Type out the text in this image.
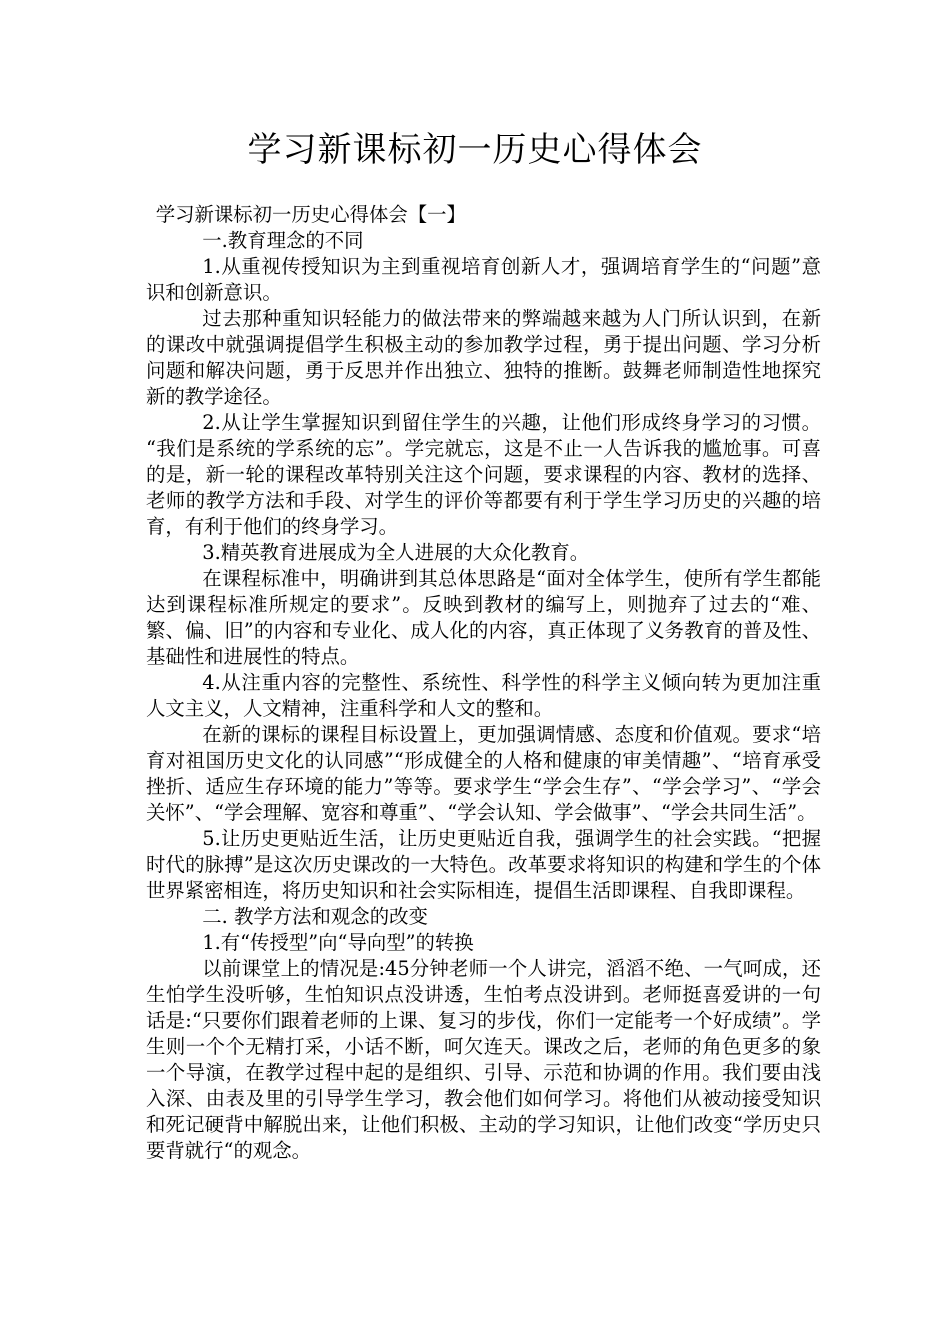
学习新课标初一历史心得体会

学习新课标初一历史心得体会【一】

一.教育理念的不同

1.从重视传授知识为主到重视培育创新人才，强调培育学生的“问题”意识和创新意识。

过去那种重知识轻能力的做法带来的弊端越来越为人门所认识到，在新的课改中就强调提倡学生积极主动的参加教学过程，勇于提出问题、学习分析问题和解决问题，勇于反思并作出独立、独特的推断。鼓舞老师制造性地探究新的教学途径。

2.从让学生掌握知识到留住学生的兴趣，让他们形成终身学习的习惯。 “我们是系统的学系统的忘”。学完就忘，这是不止一人告诉我的尴尬事。可喜的是，新一轮的课程改革特别关注这个问题，要求课程的内容、教材的选择、老师的教学方法和手段、对学生的评价等都要有利于学生学习历史的兴趣的培育，有利于他们的终身学习。

3.精英教育进展成为全人进展的大众化教育。

在课程标准中，明确讲到其总体思路是“面对全体学生，使所有学生都能达到课程标准所规定的要求”。反映到教材的编写上，则抛弃了过去的“难、繁、偏、旧”的内容和专业化、成人化的内容，真正体现了义务教育的普及性、基础性和进展性的特点。

4.从注重内容的完整性、系统性、科学性的科学主义倾向转为更加注重人文主义，人文精神，注重科学和人文的整和。

在新的课标的课程目标设置上，更加强调情感、态度和价值观。要求“培育对祖国历史文化的认同感”“形成健全的人格和健康的审美情趣”、“培育承受挫折、适应生存环境的能力”等等。要求学生“学会生存”、“学会学习”、“学会关怀”、“学会理解、宽容和尊重”、“学会认知、学会做事”、“学会共同生活”。

5.让历史更贴近生活，让历史更贴近自我，强调学生的社会实践。“把握时代的脉搏”是这次历史课改的一大特色。改革要求将知识的构建和学生的个体世界紧密相连，将历史知识和社会实际相连，提倡生活即课程、自我即课程。

二. 教学方法和观念的改变

1.有“传授型”向“导向型”的转换

以前课堂上的情况是:45分钟老师一个人讲完，滔滔不绝、一气呵成，还生怕学生没听够，生怕知识点没讲透，生怕考点没讲到。老师挺喜爱讲的一句话是:“只要你们跟着老师的上课、复习的步伐，你们一定能考一个好成绩”。学生则一个个无精打采，小话不断，呵欠连天。课改之后，老师的角色更多的象一个导演，在教学过程中起的是组织、引导、示范和协调的作用。我们要由浅入深、由表及里的引导学生学习，教会他们如何学习。将他们从被动接受知识和死记硬背中解脱出来，让他们积极、主动的学习知识，让他们改变“学历史只要背就行“的观念。
